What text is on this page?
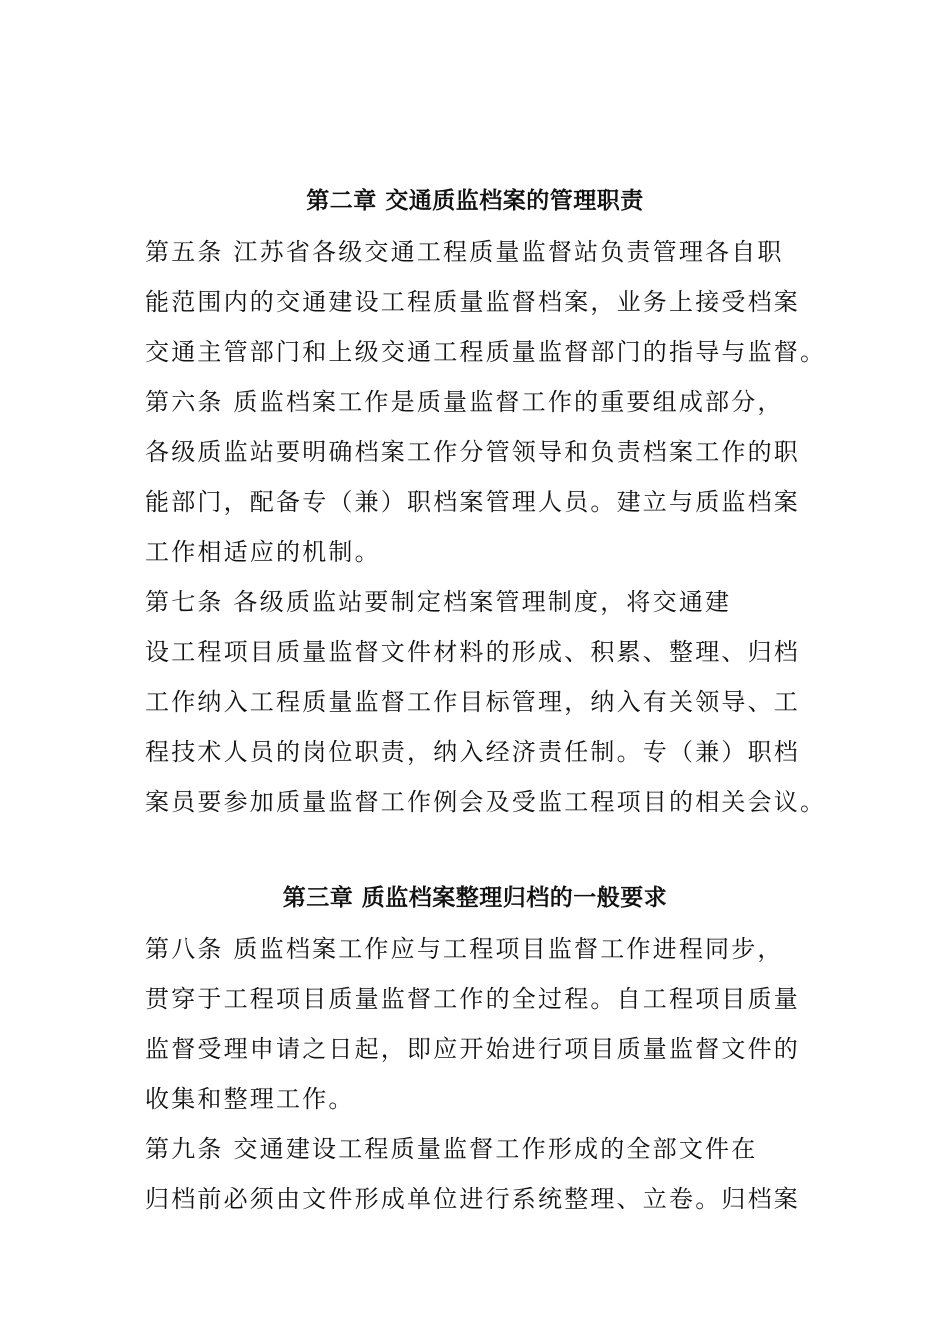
第二章 交通质监档案的管理职责
第五条 江苏省各级交通工程质量监督站负责管理各自职
能范围内的交通建设工程质量监督档案，业务上接受档案
交通主管部门和上级交通工程质量监督部门的指导与监督。
第六条 质监档案工作是质量监督工作的重要组成部分，
各级质监站要明确档案工作分管领导和负责档案工作的职
能部门，配备专（兼）职档案管理人员。建立与质监档案
工作相适应的机制。
第七条 各级质监站要制定档案管理制度，将交通建
设工程项目质量监督文件材料的形成、积累、整理、归档
工作纳入工程质量监督工作目标管理，纳入有关领导、工
程技术人员的岗位职责，纳入经济责任制。专（兼）职档
案员要参加质量监督工作例会及受监工程项目的相关会议。
第三章 质监档案整理归档的一般要求
第八条 质监档案工作应与工程项目监督工作进程同步，
贯穿于工程项目质量监督工作的全过程。自工程项目质量
监督受理申请之日起，即应开始进行项目质量监督文件的
收集和整理工作。
第九条 交通建设工程质量监督工作形成的全部文件在
归档前必须由文件形成单位进行系统整理、立卷。归档案
